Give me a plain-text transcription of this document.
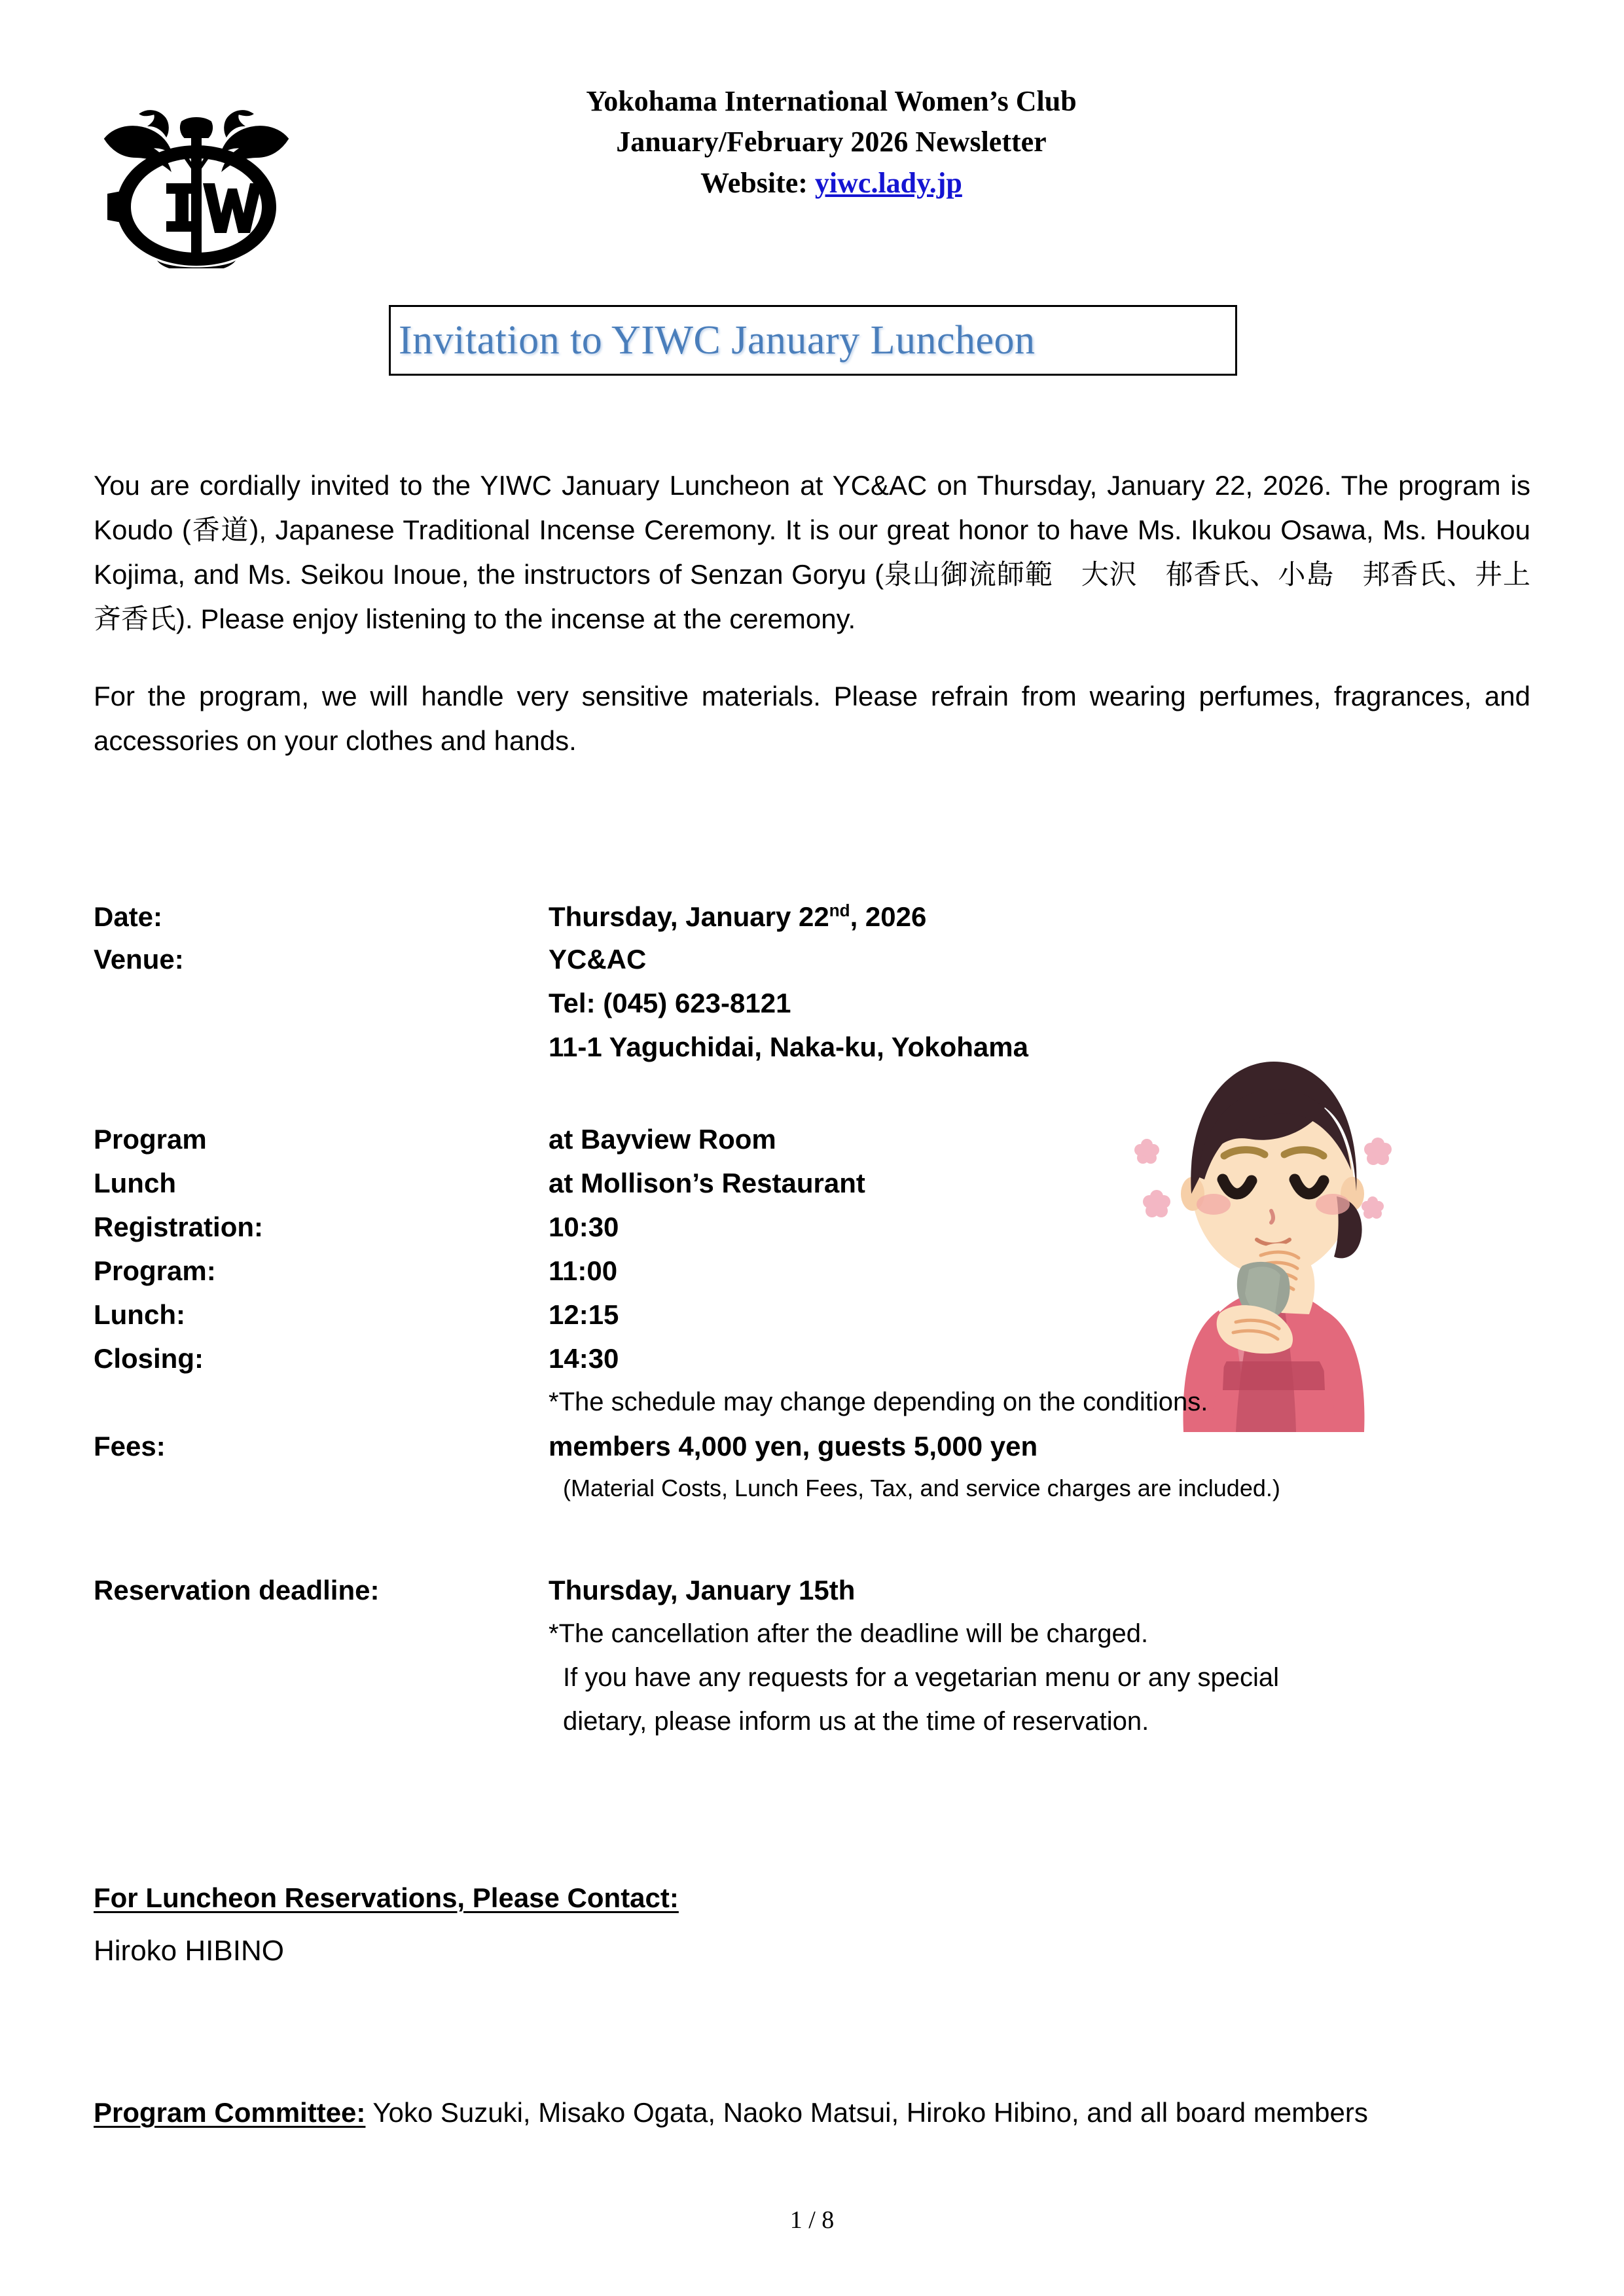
Yokohama International Women’s Club
January/February 2026 Newsletter
Website: yiwc.lady.jp
Invitation to YIWC January Luncheon

You are cordially invited to the YIWC January Luncheon at YC&AC on Thursday, January 22, 2026. The program is Koudo (香道), Japanese Traditional Incense Ceremony. It is our great honor to have Ms. Ikukou Osawa, Ms. Houkou Kojima, and Ms. Seikou Inoue, the instructors of Senzan Goryu (泉山御流師範　大沢　郁香氏、小島　邦香氏、井上　斉香氏). Please enjoy listening to the incense at the ceremony.

For the program, we will handle very sensitive materials. Please refrain from wearing perfumes, fragrances, and accessories on your clothes and hands.

Date:	Thursday, January 22nd, 2026
Venue:	YC&AC
Tel: (045) 623-8121
11-1 Yaguchidai, Naka-ku, Yokohama
Program	at Bayview Room
Lunch	at Mollison’s Restaurant
Registration:	10:30
Program:	11:00
Lunch:	12:15
Closing:	14:30
*The schedule may change depending on the conditions.
Fees:	members 4,000 yen, guests 5,000 yen
(Material Costs, Lunch Fees, Tax, and service charges are included.)
Reservation deadline:	Thursday, January 15th
*The cancellation after the deadline will be charged.
If you have any requests for a vegetarian menu or any special
dietary, please inform us at the time of reservation.
For Luncheon Reservations, Please Contact:
Hiroko HIBINO
Program Committee: Yoko Suzuki, Misako Ogata, Naoko Matsui, Hiroko Hibino, and all board members
1 / 8
